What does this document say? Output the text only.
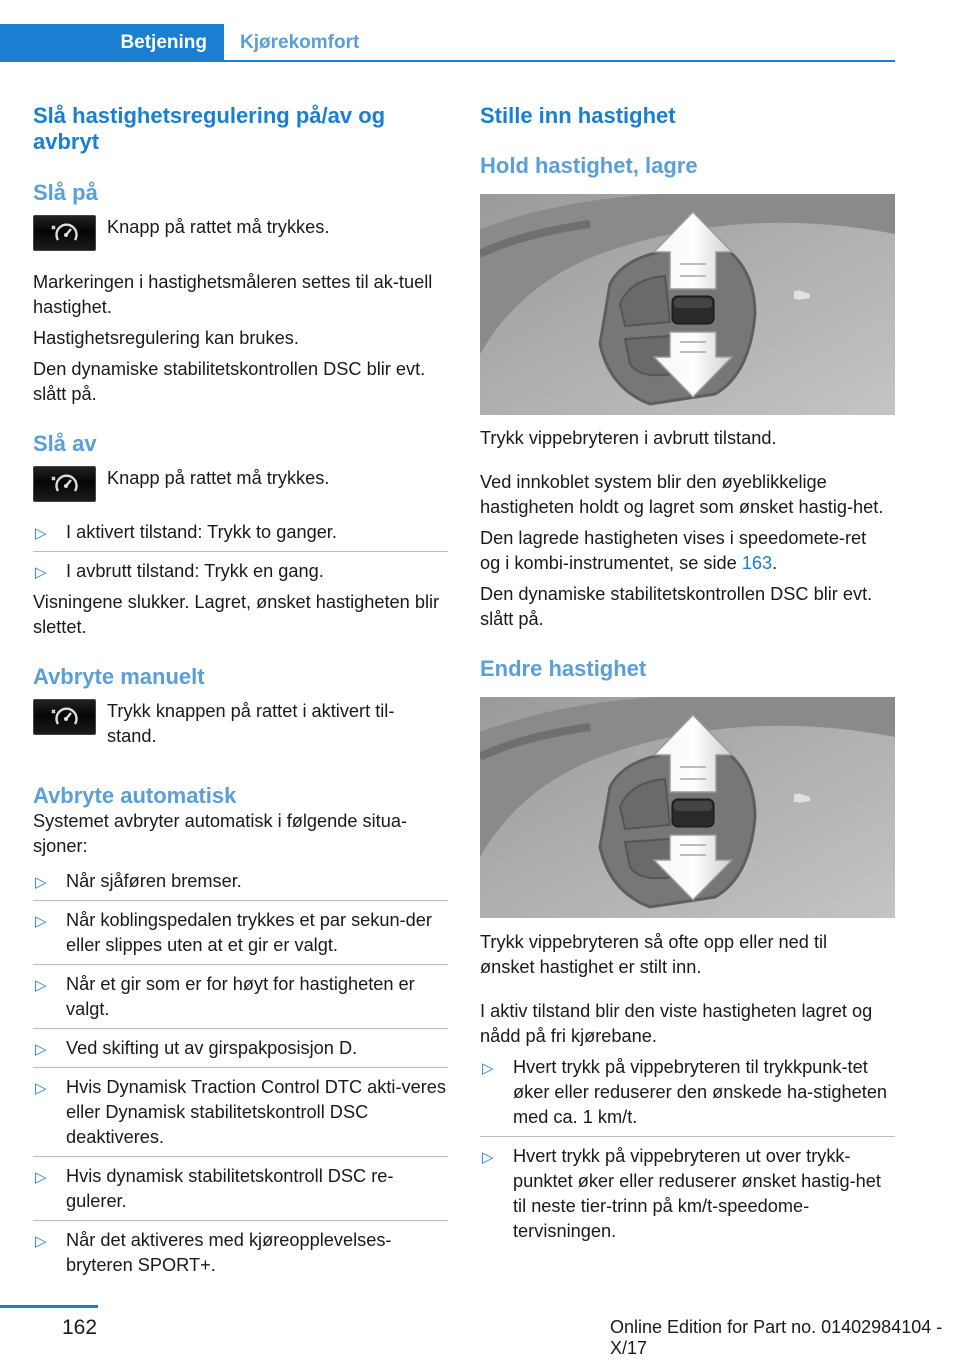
Betjening Kjørekomfort
Slå hastighetsregulering på/av og avbryt
Slå på
Knapp på rattet må trykkes.

Markeringen i hastighetsmåleren settes til ak-tuell hastighet.

Hastighetsregulering kan brukes.

Den dynamiske stabilitetskontrollen DSC blir evt. slått på.

Slå av
Knapp på rattet må trykkes.
▷ I aktivert tilstand: Trykk to ganger.
▷ I avbrutt tilstand: Trykk en gang.

Visningene slukker. Lagret, ønsket hastigheten blir slettet.

Avbryte manuelt
Trykk knappen på rattet i aktivert til-stand.
Avbryte automatisk

Systemet avbryter automatisk i følgende situa-sjoner:

▷ Når sjåføren bremser.
▷ Når koblingspedalen trykkes et par sekun-der eller slippes uten at et gir er valgt.
▷ Når et gir som er for høyt for hastigheten er valgt.
▷ Ved skifting ut av girspakposisjon D.
▷ Hvis Dynamisk Traction Control DTC akti-veres eller Dynamisk stabilitetskontroll DSC deaktiveres.
▷ Hvis dynamisk stabilitetskontroll DSC re-gulerer.
▷ Når det aktiveres med kjøreopplevelses-bryteren SPORT+.
Stille inn hastighet
Hold hastighet, lagre

Trykk vippebryteren i avbrutt tilstand.

Ved innkoblet system blir den øyeblikkelige hastigheten holdt og lagret som ønsket hastig-het.

Den lagrede hastigheten vises i speedomete-ret og i kombi-instrumentet, se side 163.

Den dynamiske stabilitetskontrollen DSC blir evt. slått på.

Endre hastighet

Trykk vippebryteren så ofte opp eller ned til ønsket hastighet er stilt inn.

I aktiv tilstand blir den viste hastigheten lagret og nådd på fri kjørebane.

▷ Hvert trykk på vippebryteren til trykkpunk-tet øker eller reduserer den ønskede ha-stigheten med ca. 1 km/t.
▷ Hvert trykk på vippebryteren ut over trykk-punktet øker eller reduserer ønsket hastig-het til neste tier-trinn på km/t-speedome-tervisningen.
162	Online Edition for Part no. 01402984104 - X/17
